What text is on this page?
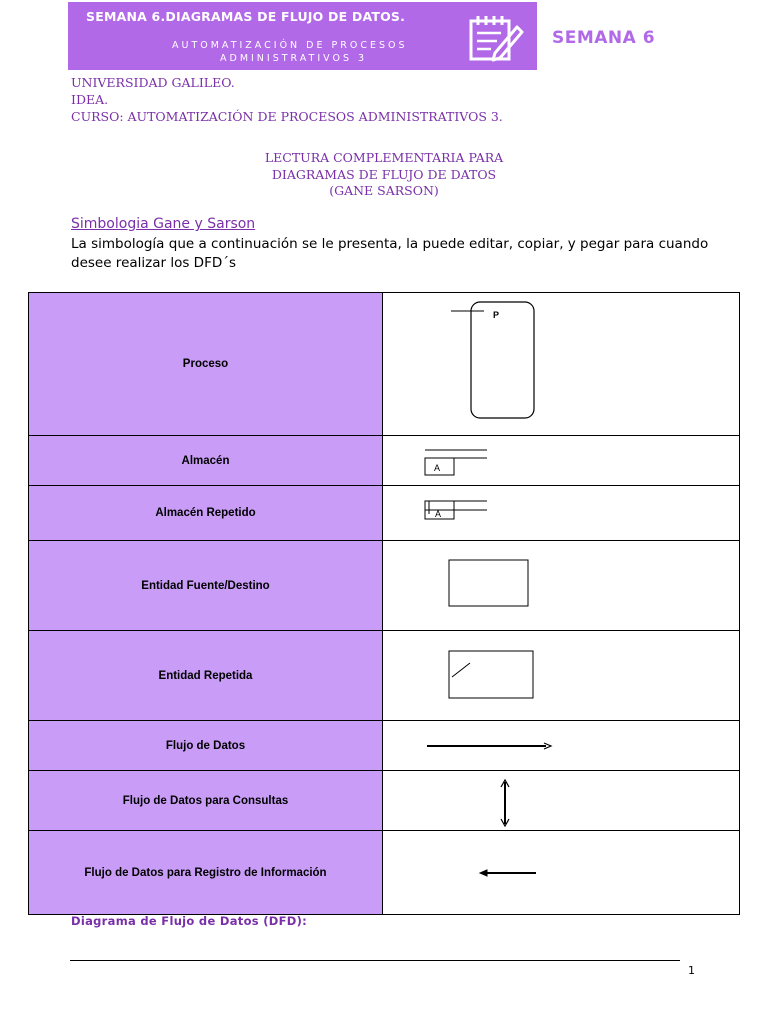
SEMANA 6.DIAGRAMAS DE FLUJO DE DATOS.
AUTOMATIZACIÓN DE PROCESOS
ADMINISTRATIVOS 3
SEMANA 6
UNIVERSIDAD GALILEO.
IDEA.
CURSO: AUTOMATIZACIÓN DE PROCESOS ADMINISTRATIVOS 3.
LECTURA COMPLEMENTARIA PARA
DIAGRAMAS DE FLUJO DE DATOS
(GANE SARSON)
Simbologia Gane y Sarson
La simbología que a continuación se le presenta, la puede editar, copiar, y pegar para cuando desee realizar los DFD´s
Proceso	P

Almacén	A

Almacén Repetido	A

Entidad Fuente/Destino	

Entidad Repetida	

Flujo de Datos	

Flujo de Datos para Consultas	

Flujo de Datos para Registro de Información	
Diagrama de Flujo de Datos (DFD):
1
